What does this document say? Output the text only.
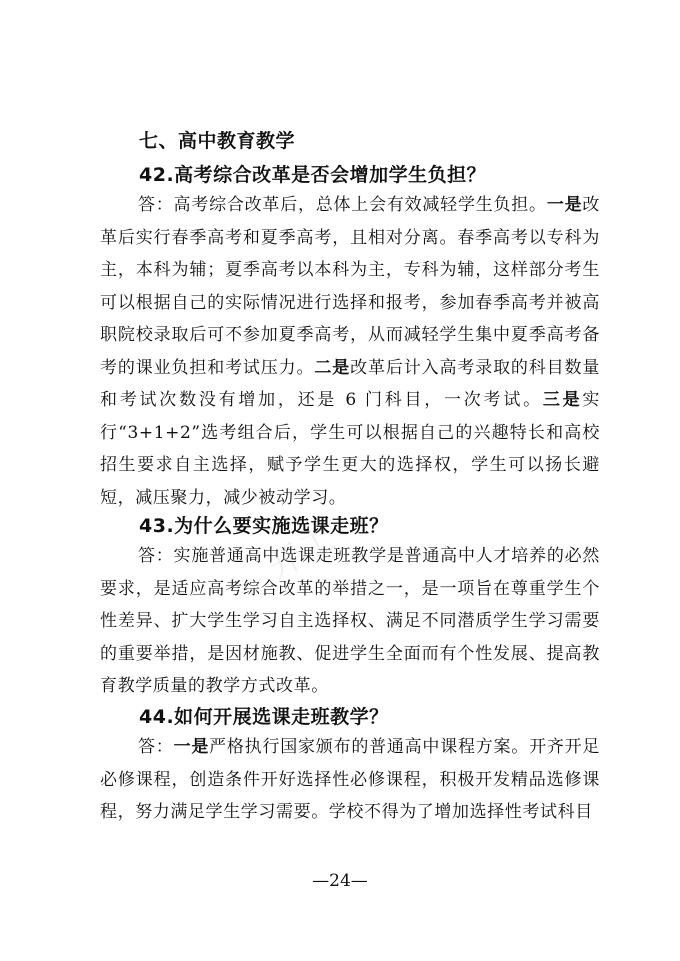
七、高中教育教学
42.高考综合改革是否会增加学生负担？
答：高考综合改革后，总体上会有效减轻学生负担。一是改革后实行春季高考和夏季高考，且相对分离。春季高考以专科为主，本科为辅；夏季高考以本科为主，专科为辅，这样部分考生可以根据自己的实际情况进行选择和报考，参加春季高考并被高职院校录取后可不参加夏季高考，从而减轻学生集中夏季高考备考的课业负担和考试压力。二是改革后计入高考录取的科目数量和考试次数没有增加，还是 6 门科目，一次考试。三是实行“3+1+2”选考组合后，学生可以根据自己的兴趣特长和高校招生要求自主选择，赋予学生更大的选择权，学生可以扬长避短，减压聚力，减少被动学习。
43.为什么要实施选课走班？
答：实施普通高中选课走班教学是普通高中人才培养的必然要求，是适应高考综合改革的举措之一，是一项旨在尊重学生个性差异、扩大学生学习自主选择权、满足不同潜质学生学习需要的重要举措，是因材施教、促进学生全面而有个性发展、提高教育教学质量的教学方式改革。
44.如何开展选课走班教学？
答：一是严格执行国家颁布的普通高中课程方案。开齐开足必修课程，创造条件开好选择性必修课程，积极开发精品选修课程，努力满足学生学习需要。学校不得为了增加选择性考试科目
开工
—24—
